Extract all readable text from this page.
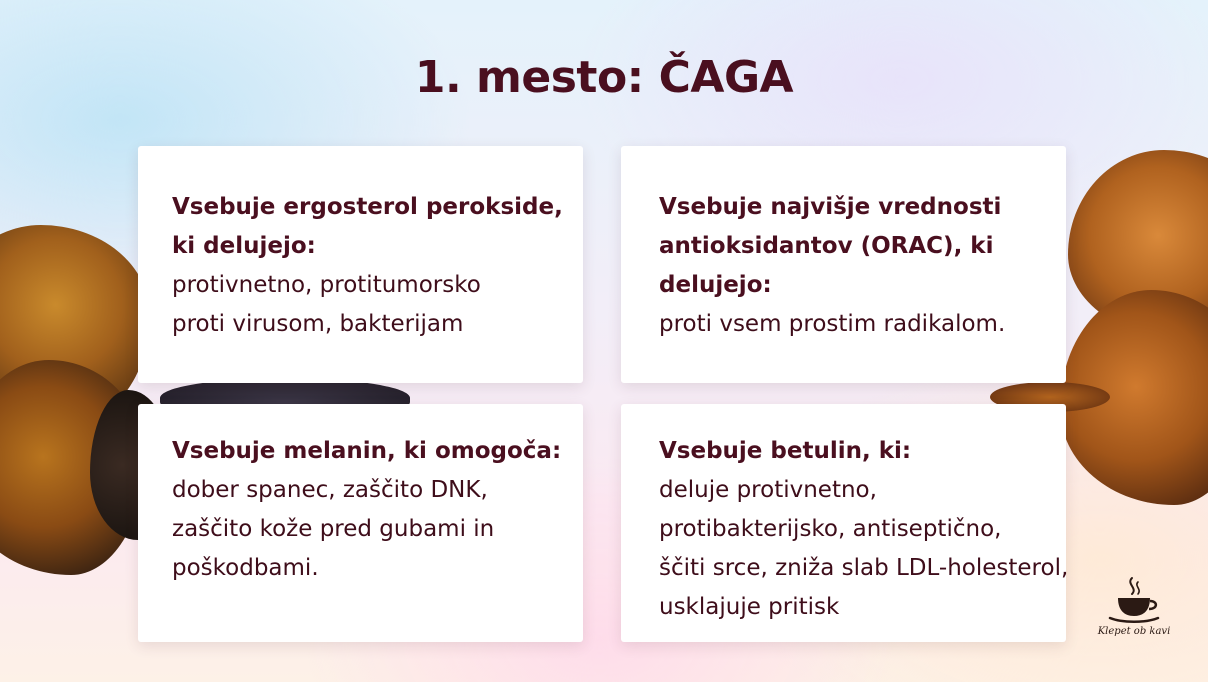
1. mesto: ČAGA
Vsebuje ergosterol perokside,
ki delujejo:
protivnetno, protitumorsko
proti virusom, bakterijam
Vsebuje najvišje vrednosti
antioksidantov (ORAC), ki
delujejo:
proti vsem prostim radikalom.
Vsebuje melanin, ki omogoča:
dober spanec, zaščito DNK,
zaščito kože pred gubami in
poškodbami.
Vsebuje betulin, ki:
deluje protivnetno,
protibakterijsko, antiseptično,
ščiti srce, zniža slab LDL-holesterol,
usklajuje pritisk
Klepet ob kavi
